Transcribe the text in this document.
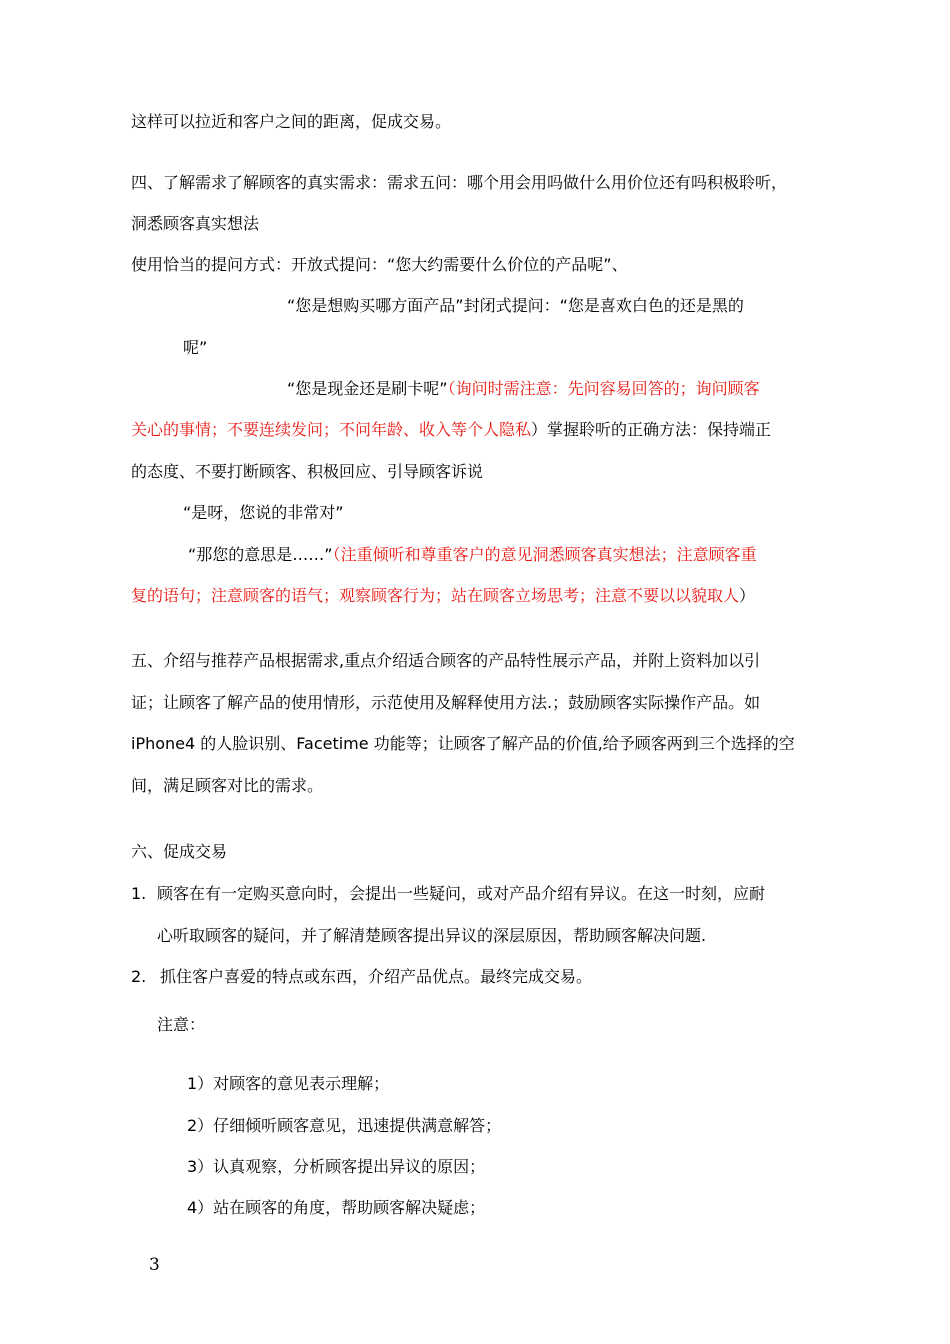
这样可以拉近和客户之间的距离，促成交易。
四、了解需求了解顾客的真实需求：需求五问：哪个用会用吗做什么用价位还有吗积极聆听，
洞悉顾客真实想法
使用恰当的提问方式：开放式提问：“您大约需要什么价位的产品呢”、
“您是想购买哪方面产品”封闭式提问：“您是喜欢白色的还是黑的
呢”
“您是现金还是刷卡呢”（询问时需注意：先问容易回答的；询问顾客
关心的事情；不要连续发问；不问年龄、收入等个人隐私）掌握聆听的正确方法：保持端正
的态度、不要打断顾客、积极回应、引导顾客诉说
“是呀，您说的非常对”
“那您的意思是……”（注重倾听和尊重客户的意见洞悉顾客真实想法；注意顾客重
复的语句；注意顾客的语气；观察顾客行为；站在顾客立场思考；注意不要以以貌取人）
五、介绍与推荐产品根据需求,重点介绍适合顾客的产品特性展示产品，并附上资料加以引
证；让顾客了解产品的使用情形，示范使用及解释使用方法.；鼓励顾客实际操作产品。如
iPhone4 的人脸识别、Facetime 功能等；让顾客了解产品的价值,给予顾客两到三个选择的空
间，满足顾客对比的需求。
六、促成交易
1. 顾客在有一定购买意向时，会提出一些疑问，或对产品介绍有异议。在这一时刻，应耐
心听取顾客的疑问，并了解清楚顾客提出异议的深层原因，帮助顾客解决问题.
2. 抓住客户喜爱的特点或东西，介绍产品优点。最终完成交易。
注意：
1）对顾客的意见表示理解；
2）仔细倾听顾客意见，迅速提供满意解答；
3）认真观察，分析顾客提出异议的原因；
4）站在顾客的角度，帮助顾客解决疑虑；
3
